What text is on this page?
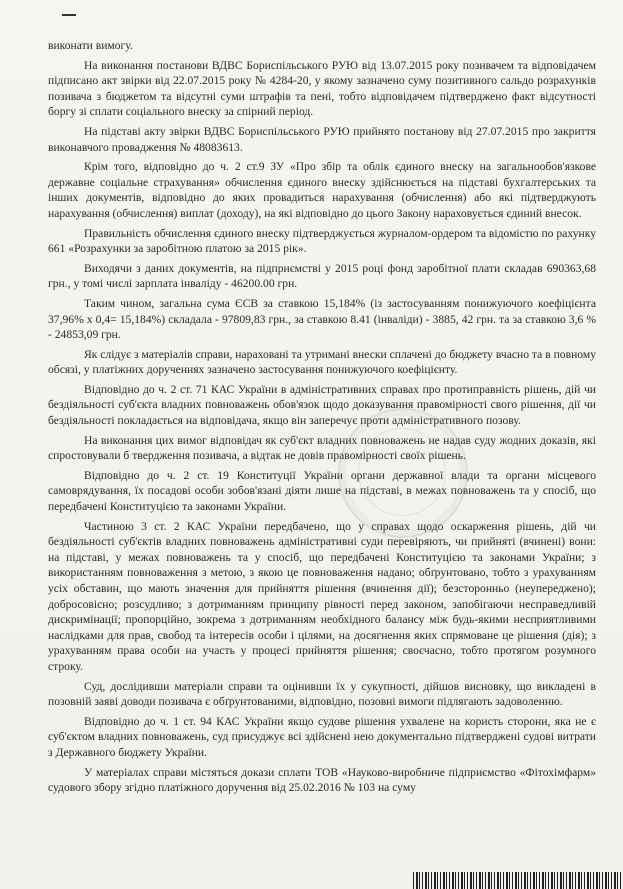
виконати вимогу.

На виконання постанови ВДВС Бориспільського РУЮ від 13.07.2015 року позивачем та відповідачем підписано акт звірки від 22.07.2015 року № 4284-20, у якому зазначено суму позитивного сальдо розрахунків позивача з бюджетом та відсутні суми штрафів та пені, тобто відповідачем підтверджено факт відсутності боргу зі сплати соціального внеску за спірний період.

На підставі акту звірки ВДВС Бориспільського РУЮ прийнято постанову від 27.07.2015 про закриття виконавчого провадження № 48083613.

Крім того, відповідно до ч. 2 ст.9 ЗУ «Про збір та облік єдиного внеску на загальнообов'язкове державне соціальне страхування» обчислення єдиного внеску здійснюється на підставі бухгалтерських та інших документів, відповідно до яких провадиться нарахування (обчислення) або які підтверджують нарахування (обчислення) виплат (доходу), на які відповідно до цього Закону нараховується єдиний внесок.

Правильність обчислення єдиного внеску підтверджується журналом-ордером та відомістю по рахунку 661 «Розрахунки за заробітною платою за 2015 рік».

Виходячи з даних документів, на підприємстві у 2015 році фонд заробітної плати складав 690363,68 грн., у томі числі зарплата інваліду - 46200.00 грн.

Таким чином, загальна сума ЄСВ за ставкою 15,184% (із застосуванням понижуючого коефіцієнта 37,96% х 0,4= 15,184%) складала - 97809,83 грн., за ставкою 8.41 (інваліди) - 3885, 42 грн. та за ставкою 3,6 % - 24853,09 грн.

Як слідує з матеріалів справи, нараховані та утримані внески сплачені до бюджету вчасно та в повному обсязі, у платіжних дорученнях зазначено застосування понижуючого коефіцієнту.

Відповідно до ч. 2 ст. 71 КАС України в адміністративних справах про протиправність рішень, дій чи бездіяльності суб'єкта владних повноважень обов'язок щодо доказування правомірності свого рішення, дії чи бездіяльності покладається на відповідача, якщо він заперечує проти адміністративного позову.

На виконання цих вимог відповідач як суб'єкт владних повноважень не надав суду жодних доказів, які спростовували б твердження позивача, а відтак не довів правомірності своїх рішень.

Відповідно до ч. 2 ст. 19 Конституції України органи державної влади та органи місцевого самоврядування, їх посадові особи зобов'язані діяти лише на підставі, в межах повноважень та у спосіб, що передбачені Конституцією та законами України.

Частиною 3 ст. 2 КАС України передбачено, що у справах щодо оскарження рішень, дій чи бездіяльності суб'єктів владних повноважень адміністративні суди перевіряють, чи прийняті (вчинені) вони: на підставі, у межах повноважень та у спосіб, що передбачені Конституцією та законами України; з використанням повноваження з метою, з якою це повноваження надано; обґрунтовано, тобто з урахуванням усіх обставин, що мають значення для прийняття рішення (вчинення дії); безсторонньо (неупереджено); добросовісно; розсудливо; з дотриманням принципу рівності перед законом, запобігаючи несправедливій дискримінації; пропорційно, зокрема з дотриманням необхідного балансу між будь-якими несприятливими наслідками для прав, свобод та інтересів особи і цілями, на досягнення яких спрямоване це рішення (дія); з урахуванням права особи на участь у процесі прийняття рішення; своєчасно, тобто протягом розумного строку.

Суд, дослідивши матеріали справи та оцінивши їх у сукупності, дійшов висновку, що викладені в позовній заяві доводи позивача є обґрунтованими, відповідно, позовні вимоги підлягають задоволенню.

Відповідно до ч. 1 ст. 94 КАС України якщо судове рішення ухвалене на користь сторони, яка не є суб'єктом владних повноважень, суд присуджує всі здійснені нею документально підтверджені судові витрати з Державного бюджету України.

У матеріалах справи містяться докази сплати ТОВ «Науково-виробниче підприємство «Фітохімфарм» судового збору згідно платіжного доручення від 25.02.2016 № 103 на суму
